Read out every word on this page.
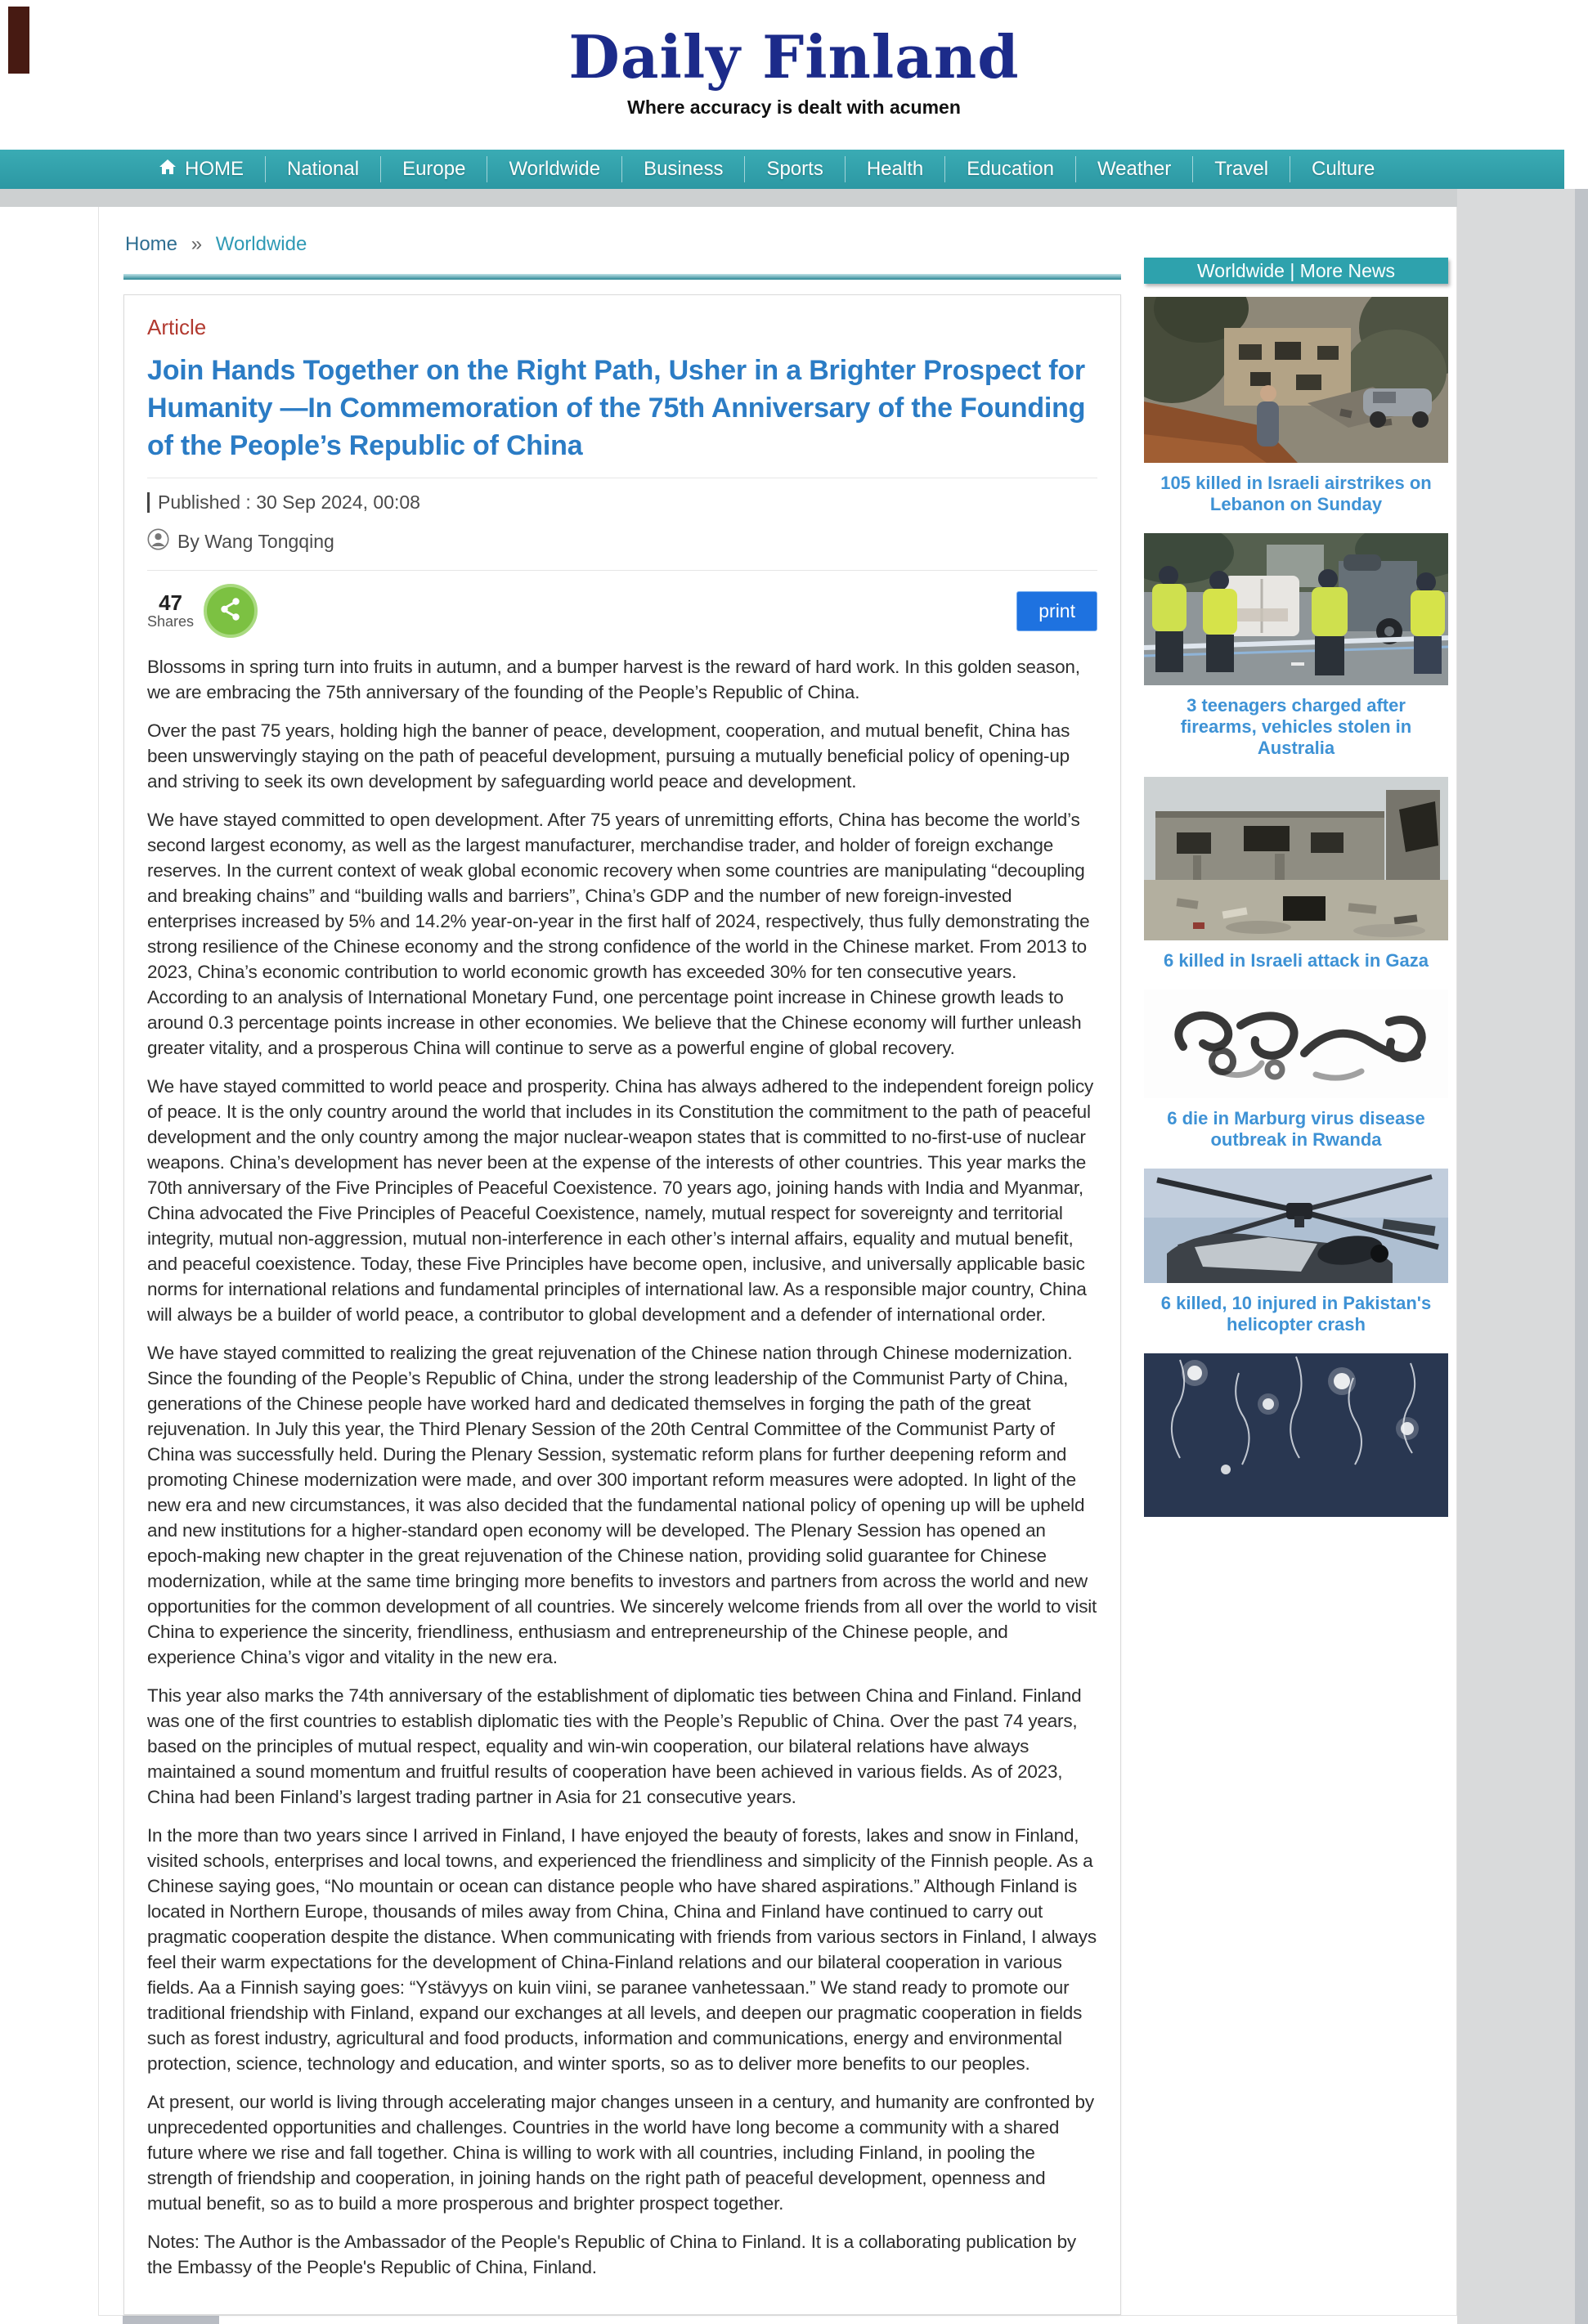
Daily Finland
Where accuracy is dealt with acumen
HOME National Europe Worldwide Business Sports Health Education Weather Travel Culture
Home » Worldwide
Article
Join Hands Together on the Right Path, Usher in a Brighter Prospect for Humanity —In Commemoration of the 75th Anniversary of the Founding of the People’s Republic of China
Published : 30 Sep 2024, 00:08
By Wang Tongqing
47
Shares	print

Blossoms in spring turn into fruits in autumn, and a bumper harvest is the reward of hard work. In this golden season, we are embracing the 75th anniversary of the founding of the People’s Republic of China.

Over the past 75 years, holding high the banner of peace, development, cooperation, and mutual benefit, China has been unswervingly staying on the path of peaceful development, pursuing a mutually beneficial policy of opening-up and striving to seek its own development by safeguarding world peace and development.

We have stayed committed to open development. After 75 years of unremitting efforts, China has become the world’s second largest economy, as well as the largest manufacturer, merchandise trader, and holder of foreign exchange reserves. In the current context of weak global economic recovery when some countries are manipulating “decoupling and breaking chains” and “building walls and barriers”, China’s GDP and the number of new foreign-invested enterprises increased by 5% and 14.2% year-on-year in the first half of 2024, respectively, thus fully demonstrating the strong resilience of the Chinese economy and the strong confidence of the world in the Chinese market. From 2013 to 2023, China’s economic contribution to world economic growth has exceeded 30% for ten consecutive years. According to an analysis of International Monetary Fund, one percentage point increase in Chinese growth leads to around 0.3 percentage points increase in other economies. We believe that the Chinese economy will further unleash greater vitality, and a prosperous China will continue to serve as a powerful engine of global recovery.

We have stayed committed to world peace and prosperity. China has always adhered to the independent foreign policy of peace. It is the only country around the world that includes in its Constitution the commitment to the path of peaceful development and the only country among the major nuclear-weapon states that is committed to no-first-use of nuclear weapons. China’s development has never been at the expense of the interests of other countries. This year marks the 70th anniversary of the Five Principles of Peaceful Coexistence. 70 years ago, joining hands with India and Myanmar, China advocated the Five Principles of Peaceful Coexistence, namely, mutual respect for sovereignty and territorial integrity, mutual non-aggression, mutual non-interference in each other’s internal affairs, equality and mutual benefit, and peaceful coexistence. Today, these Five Principles have become open, inclusive, and universally applicable basic norms for international relations and fundamental principles of international law. As a responsible major country, China will always be a builder of world peace, a contributor to global development and a defender of international order.

We have stayed committed to realizing the great rejuvenation of the Chinese nation through Chinese modernization. Since the founding of the People’s Republic of China, under the strong leadership of the Communist Party of China, generations of the Chinese people have worked hard and dedicated themselves in forging the path of the great rejuvenation. In July this year, the Third Plenary Session of the 20th Central Committee of the Communist Party of China was successfully held. During the Plenary Session, systematic reform plans for further deepening reform and promoting Chinese modernization were made, and over 300 important reform measures were adopted. In light of the new era and new circumstances, it was also decided that the fundamental national policy of opening up will be upheld and new institutions for a higher-standard open economy will be developed. The Plenary Session has opened an epoch-making new chapter in the great rejuvenation of the Chinese nation, providing solid guarantee for Chinese modernization, while at the same time bringing more benefits to investors and partners from across the world and new opportunities for the common development of all countries. We sincerely welcome friends from all over the world to visit China to experience the sincerity, friendliness, enthusiasm and entrepreneurship of the Chinese people, and experience China’s vigor and vitality in the new era.

This year also marks the 74th anniversary of the establishment of diplomatic ties between China and Finland. Finland was one of the first countries to establish diplomatic ties with the People’s Republic of China. Over the past 74 years, based on the principles of mutual respect, equality and win-win cooperation, our bilateral relations have always maintained a sound momentum and fruitful results of cooperation have been achieved in various fields. As of 2023, China had been Finland’s largest trading partner in Asia for 21 consecutive years.

In the more than two years since I arrived in Finland, I have enjoyed the beauty of forests, lakes and snow in Finland, visited schools, enterprises and local towns, and experienced the friendliness and simplicity of the Finnish people. As a Chinese saying goes, “No mountain or ocean can distance people who have shared aspirations.” Although Finland is located in Northern Europe, thousands of miles away from China, China and Finland have continued to carry out pragmatic cooperation despite the distance. When communicating with friends from various sectors in Finland, I always feel their warm expectations for the development of China-Finland relations and our bilateral cooperation in various fields. Aa a Finnish saying goes: “Ystävyys on kuin viini, se paranee vanhetessaan.” We stand ready to promote our traditional friendship with Finland, expand our exchanges at all levels, and deepen our pragmatic cooperation in fields such as forest industry, agricultural and food products, information and communications, energy and environmental protection, science, technology and education, and winter sports, so as to deliver more benefits to our peoples.

At present, our world is living through accelerating major changes unseen in a century, and humanity are confronted by unprecedented opportunities and challenges. Countries in the world have long become a community with a shared future where we rise and fall together. China is willing to work with all countries, including Finland, in pooling the strength of friendship and cooperation, in joining hands on the right path of peaceful development, openness and mutual benefit, so as to build a more prosperous and brighter prospect together.

Notes: The Author is the Ambassador of the People's Republic of China to Finland. It is a collaborating publication by the Embassy of the People's Republic of China, Finland.

Worldwide | More News
105 killed in Israeli airstrikes on Lebanon on Sunday
3 teenagers charged after firearms, vehicles stolen in Australia
6 killed in Israeli attack in Gaza
6 die in Marburg virus disease outbreak in Rwanda
6 killed, 10 injured in Pakistan's helicopter crash
